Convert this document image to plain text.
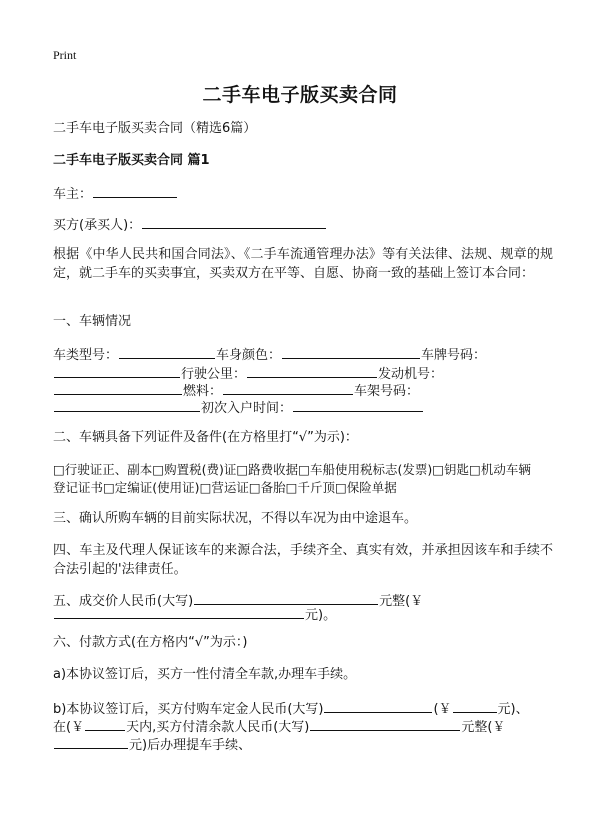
Print
二手车电子版买卖合同
二手车电子版买卖合同（精选6篇）
二手车电子版买卖合同 篇1
车主：
买方(承买人)：
根据《中华人民共和国合同法》、《二手车流通管理办法》等有关法律、法规、规章的规定，就二手车的买卖事宜，买卖双方在平等、自愿、协商一致的基础上签订本合同：
一、车辆情况
车类型号：	车身颜色：	车牌号码：
行驶公里：	发动机号：
燃料：	车架号码：
初次入户时间：
二、车辆具备下列证件及备件(在方格里打“√”为示)：
□行驶证正、副本□购置税(费)证□路费收据□车船使用税标志(发票)□钥匙□机动车辆
登记证书□定编证(使用证)□营运证□备胎□千斤顶□保险单据
三、确认所购车辆的目前实际状况，不得以车况为由中途退车。
四、车主及代理人保证该车的来源合法，手续齐全、真实有效，并承担因该车和手续不合法引起的'法律责任。
五、成交价人民币(大写)	元整(￥
元)。
六、付款方式(在方格内“√”为示：)
a)本协议签订后，买方一性付清全车款,办理车手续。
b)本协议签订后，买方付购车定金人民币(大写)	(￥	元)、
在(￥	天内,买方付清余款人民币(大写)	元整(￥
元)后办理提车手续、
